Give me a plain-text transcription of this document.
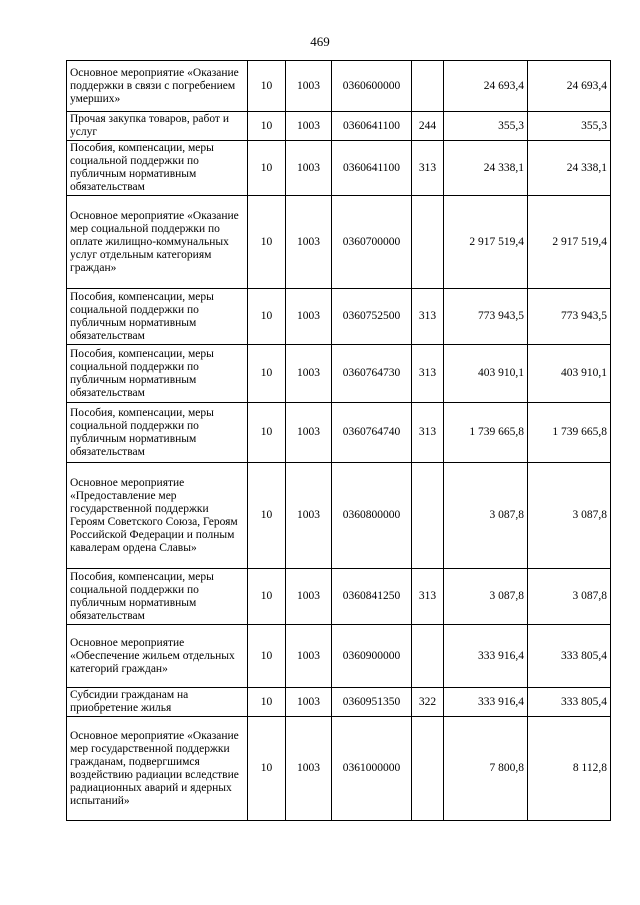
469
Основное мероприятие «Оказание поддержки в связи с погребением умерших»	10	1003	0360600000		24 693,4	24 693,4
Прочая закупка товаров, работ и услуг	10	1003	0360641100	244	355,3	355,3
Пособия, компенсации, меры социальной поддержки по публичным нормативным обязательствам	10	1003	0360641100	313	24 338,1	24 338,1
Основное мероприятие «Оказание мер социальной поддержки по оплате жилищно-коммунальных услуг отдельным категориям граждан»	10	1003	0360700000		2 917 519,4	2 917 519,4
Пособия, компенсации, меры социальной поддержки по публичным нормативным обязательствам	10	1003	0360752500	313	773 943,5	773 943,5
Пособия, компенсации, меры социальной поддержки по публичным нормативным обязательствам	10	1003	0360764730	313	403 910,1	403 910,1
Пособия, компенсации, меры социальной поддержки по публичным нормативным обязательствам	10	1003	0360764740	313	1 739 665,8	1 739 665,8
Основное мероприятие «Предоставление мер государственной поддержки Героям Советского Союза, Героям Российской Федерации и полным кавалерам ордена Славы»	10	1003	0360800000		3 087,8	3 087,8
Пособия, компенсации, меры социальной поддержки по публичным нормативным обязательствам	10	1003	0360841250	313	3 087,8	3 087,8
Основное мероприятие «Обеспечение жильем отдельных категорий граждан»	10	1003	0360900000		333 916,4	333 805,4
Субсидии гражданам на приобретение жилья	10	1003	0360951350	322	333 916,4	333 805,4
Основное мероприятие «Оказание мер государственной поддержки гражданам, подвергшимся воздействию радиации вследствие радиационных аварий и ядерных испытаний»	10	1003	0361000000		7 800,8	8 112,8
